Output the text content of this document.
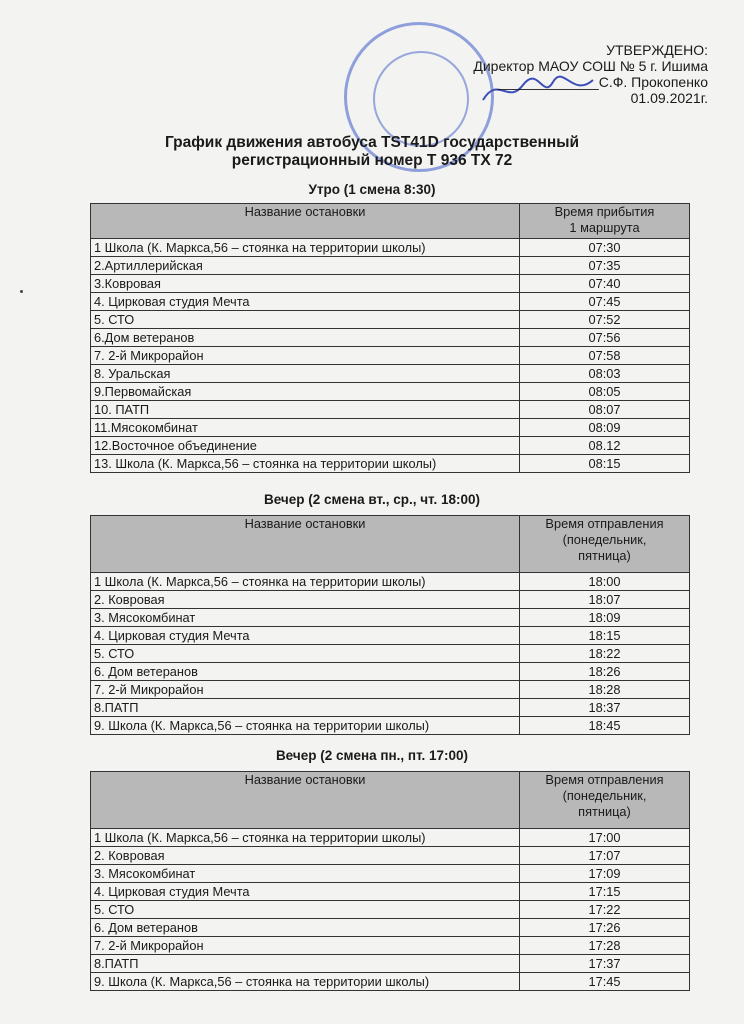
УТВЕРЖДЕНО:
Директор МАОУ СОШ № 5 г. Ишима
_____________С.Ф. Прокопенко
01.09.2021г.
График движения автобуса TST41D государственный
регистрационный номер Т 936 ТХ 72
Утро (1 смена 8:30)
Название остановки	Время прибытия
1 маршрута

1 Школа (К. Маркса,56 – стоянка на территории школы)	07:30
2.Артиллерийская	07:35
3.Ковровая	07:40
4. Цирковая студия Мечта	07:45
5. СТО	07:52
6.Дом ветеранов	07:56
7. 2-й Микрорайон	07:58
8. Уральская	08:03
9.Первомайская	08:05
10. ПАТП	08:07
11.Мясокомбинат	08:09
12.Восточное объединение	08.12
13. Школа (К. Маркса,56 – стоянка на территории школы)	08:15
Вечер (2 смена вт., ср., чт. 18:00)
Название остановки	Время отправления
(понедельник,
пятница)

1 Школа (К. Маркса,56 – стоянка на территории школы)	18:00
2. Ковровая	18:07
3. Мясокомбинат	18:09
4. Цирковая студия Мечта	18:15
5. СТО	18:22
6. Дом ветеранов	18:26
7. 2-й Микрорайон	18:28
8.ПАТП	18:37
9. Школа (К. Маркса,56 – стоянка на территории школы)	18:45
Вечер (2 смена пн., пт. 17:00)
Название остановки	Время отправления
(понедельник,
пятница)

1 Школа (К. Маркса,56 – стоянка на территории школы)	17:00
2. Ковровая	17:07
3. Мясокомбинат	17:09
4. Цирковая студия Мечта	17:15
5. СТО	17:22
6. Дом ветеранов	17:26
7. 2-й Микрорайон	17:28
8.ПАТП	17:37
9. Школа (К. Маркса,56 – стоянка на территории школы)	17:45
